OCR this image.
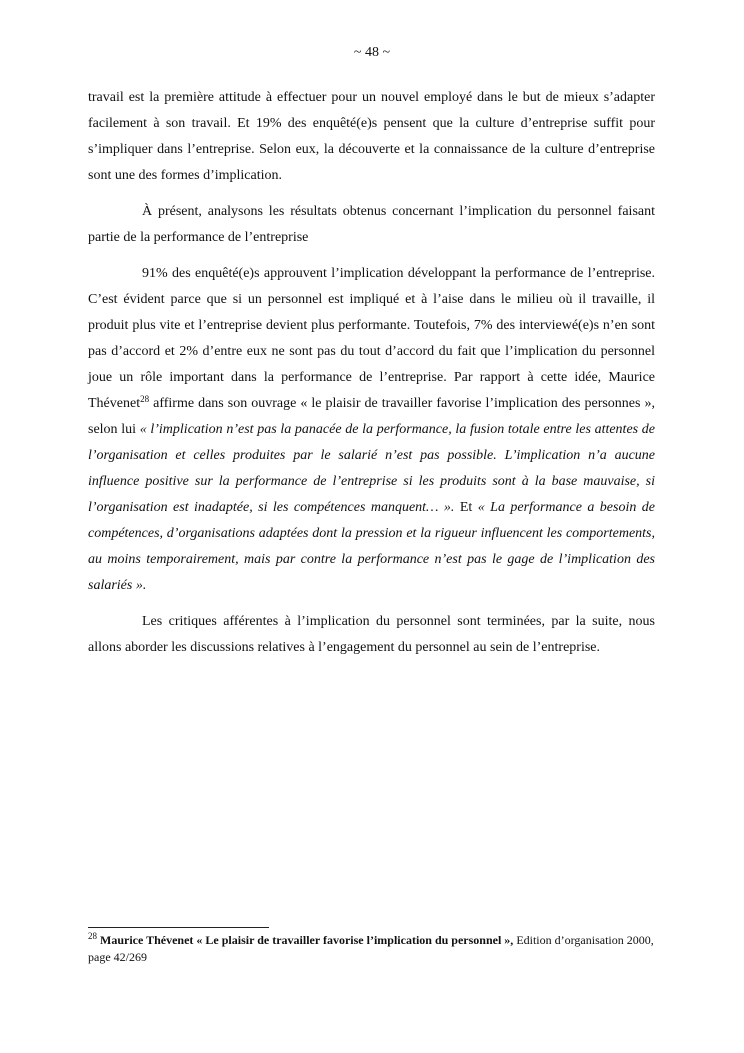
~ 48 ~

travail est la première attitude à effectuer pour un nouvel employé dans le but de mieux s’adapter facilement à son travail. Et 19% des enquêté(e)s pensent que la culture d’entreprise suffit pour s’impliquer dans l’entreprise. Selon eux, la découverte et la connaissance de la culture d’entreprise sont une des formes d’implication.

À présent, analysons les résultats obtenus concernant l’implication du personnel faisant partie de la performance de l’entreprise

91% des enquêté(e)s approuvent l’implication développant la performance de l’entreprise. C’est évident parce que si un personnel est impliqué et à l’aise dans le milieu où il travaille, il produit plus vite et l’entreprise devient plus performante. Toutefois, 7% des interviewé(e)s n’en sont pas d’accord et 2% d’entre eux ne sont pas du tout d’accord du fait que l’implication du personnel joue un rôle important dans la performance de l’entreprise. Par rapport à cette idée, Maurice Thévenet$^{28}$ affirme dans son ouvrage « le plaisir de travailler favorise l’implication des personnes », selon lui « l’implication n’est pas la panacée de la performance, la fusion totale entre les attentes de l’organisation et celles produites par le salarié n’est pas possible. L’implication n’a aucune influence positive sur la performance de l’entreprise si les produits sont à la base mauvaise, si l’organisation est inadaptée, si les compétences manquent… ». Et « La performance a besoin de compétences, d’organisations adaptées dont la pression et la rigueur influencent les comportements, au moins temporairement, mais par contre la performance n’est pas le gage de l’implication des salariés ».

Les critiques afférentes à l’implication du personnel sont terminées, par la suite, nous allons aborder les discussions relatives à l’engagement du personnel au sein de l’entreprise.

$^{28}$ Maurice Thévenet « Le plaisir de travailler favorise l’implication du personnel », Edition d’organisation 2000, page 42/269
